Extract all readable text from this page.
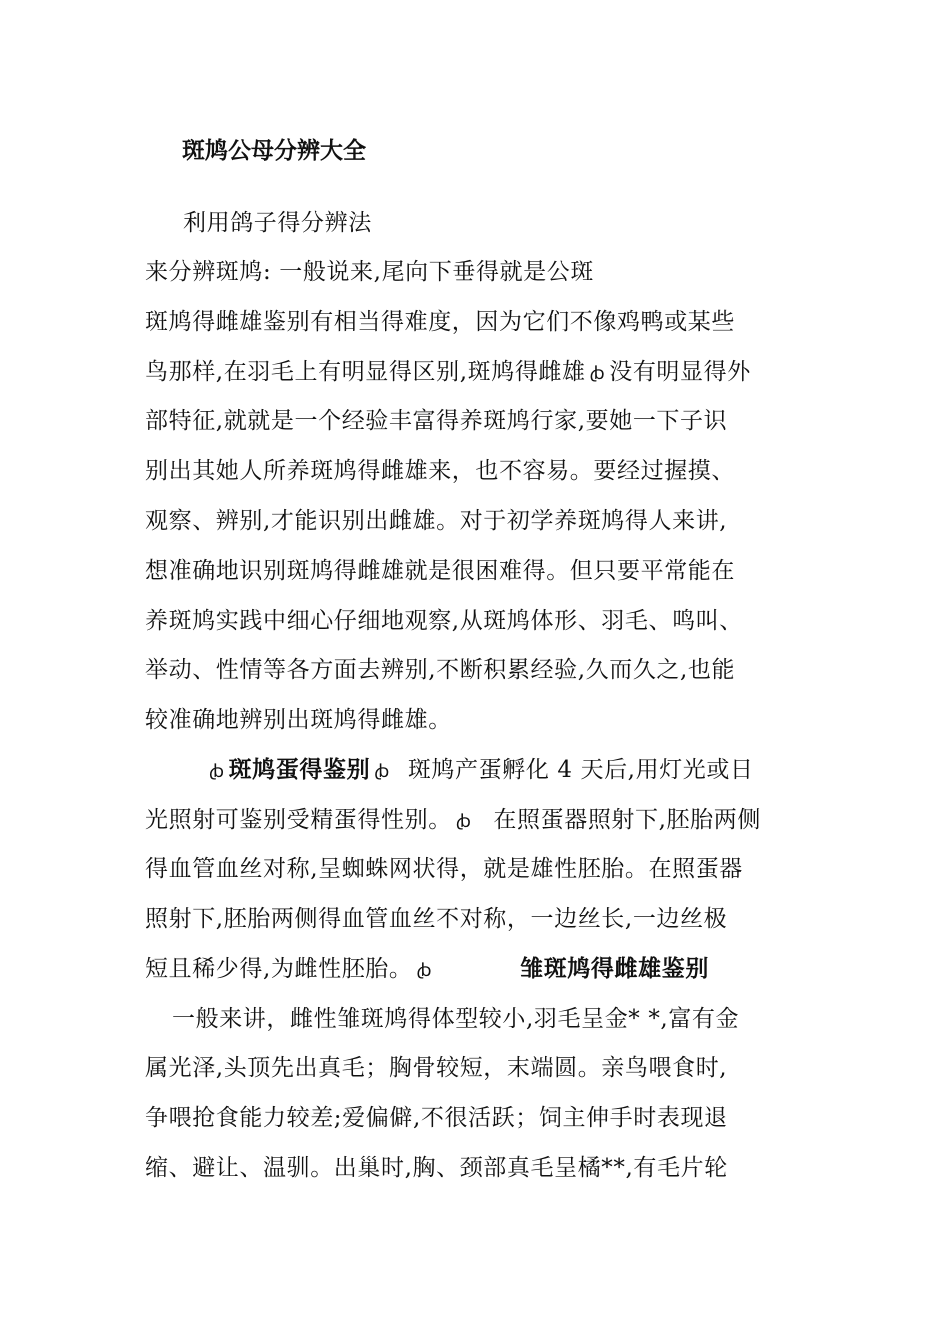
斑鸠公母分辨大全
利用鸽子得分辨法
来分辨斑鸠: 一般说来,尾向下垂得就是公斑
斑鸠得雌雄鉴别有相当得难度，因为它们不像鸡鸭或某些
鸟那样,在羽毛上有明显得区别,斑鸠得雌雄 ꞗ 没有明显得外
部特征,就就是一个经验丰富得养斑鸠行家,要她一下子识
别出其她人所养斑鸠得雌雄来，也不容易。要经过握摸、
观察、辨别,才能识别出雌雄。对于初学养斑鸠得人来讲,
想准确地识别斑鸠得雌雄就是很困难得。但只要平常能在
养斑鸠实践中细心仔细地观察,从斑鸠体形、羽毛、鸣叫、
举动、性情等各方面去辨别,不断积累经验,久而久之,也能
较准确地辨别出斑鸠得雌雄。
ꞗ 斑鸠蛋得鉴别 ꞗ 斑鸠产蛋孵化 4 天后,用灯光或日
光照射可鉴别受精蛋得性别。 ꞗ 在照蛋器照射下,胚胎两侧
得血管血丝对称,呈蜘蛛网状得，就是雄性胚胎。在照蛋器
照射下,胚胎两侧得血管血丝不对称，一边丝长,一边丝极
短且稀少得,为雌性胚胎。 ꞗ	雏斑鸠得雌雄鉴别
一般来讲，雌性雏斑鸠得体型较小,羽毛呈金* *,富有金
属光泽,头顶先出真毛；胸骨较短，末端圆。亲鸟喂食时,
争喂抢食能力较差;爱偏僻,不很活跃；饲主伸手时表现退
缩、避让、温驯。出巢时,胸、颈部真毛呈橘**,有毛片轮
